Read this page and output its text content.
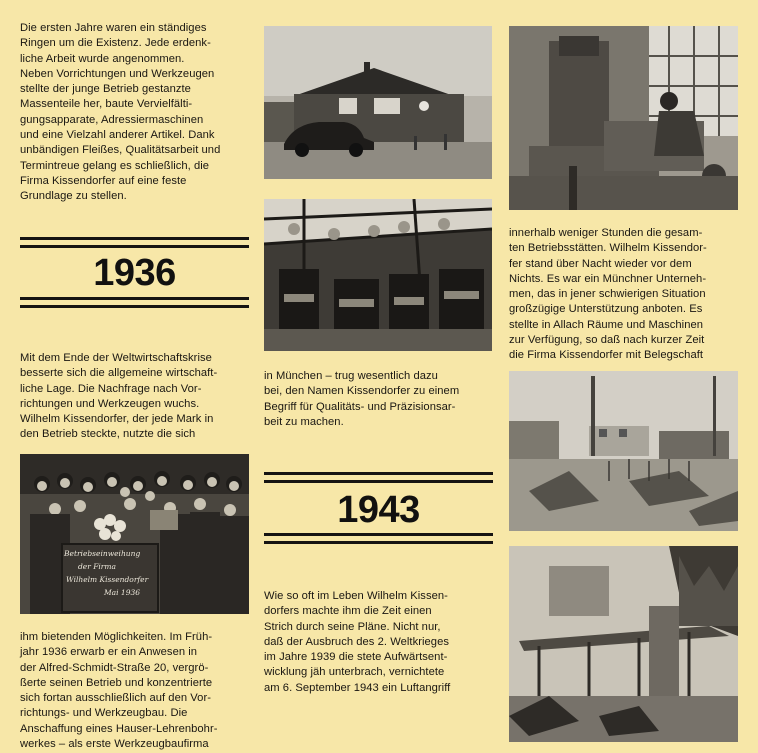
Die ersten Jahre waren ein ständiges
Ringen um die Existenz. Jede erdenk-
liche Arbeit wurde angenommen.
Neben Vorrichtungen und Werkzeugen
stellte der junge Betrieb gestanzte
Massenteile her, baute Vervielfälti-
gungsapparate, Adressiermaschinen
und eine Vielzahl anderer Artikel. Dank
unbändigen Fleißes, Qualitätsarbeit und
Termintreue gelang es schließlich, die
Firma Kissendorfer auf eine feste
Grundlage zu stellen.

1936

Mit dem Ende der Weltwirtschaftskrise
besserte sich die allgemeine wirtschaft-
liche Lage. Die Nachfrage nach Vor-
richtungen und Werkzeugen wuchs.
Wilhelm Kissendorfer, der jede Mark in
den Betrieb steckte, nutzte die sich

Betriebseinweihung
der Firma
Wilhelm Kissendorfer
Mai 1936

ihm bietenden Möglichkeiten. Im Früh-
jahr 1936 erwarb er ein Anwesen in
der Alfred-Schmidt-Straße 20, vergrö-
ßerte seinen Betrieb und konzentrierte
sich fortan ausschließlich auf den Vor-
richtungs- und Werkzeugbau. Die
Anschaffung eines Hauser-Lehrenbohr-
werkes – als erste Werkzeugbaufirma

in München – trug wesentlich dazu
bei, den Namen Kissendorfer zu einem
Begriff für Qualitäts- und Präzisionsar-
beit zu machen.

1943

Wie so oft im Leben Wilhelm Kissen-
dorfers machte ihm die Zeit einen
Strich durch seine Pläne. Nicht nur,
daß der Ausbruch des 2. Weltkrieges
im Jahre 1939 die stete Aufwärtsent-
wicklung jäh unterbrach, vernichtete
am 6. September 1943 ein Luftangriff

innerhalb weniger Stunden die gesam-
ten Betriebsstätten. Wilhelm Kissendor-
fer stand über Nacht wieder vor dem
Nichts. Es war ein Münchner Unterneh-
men, das in jener schwierigen Situation
großzügige Unterstützung anboten. Es
stellte in Allach Räume und Maschinen
zur Verfügung, so daß nach kurzer Zeit
die Firma Kissendorfer mit Belegschaft
